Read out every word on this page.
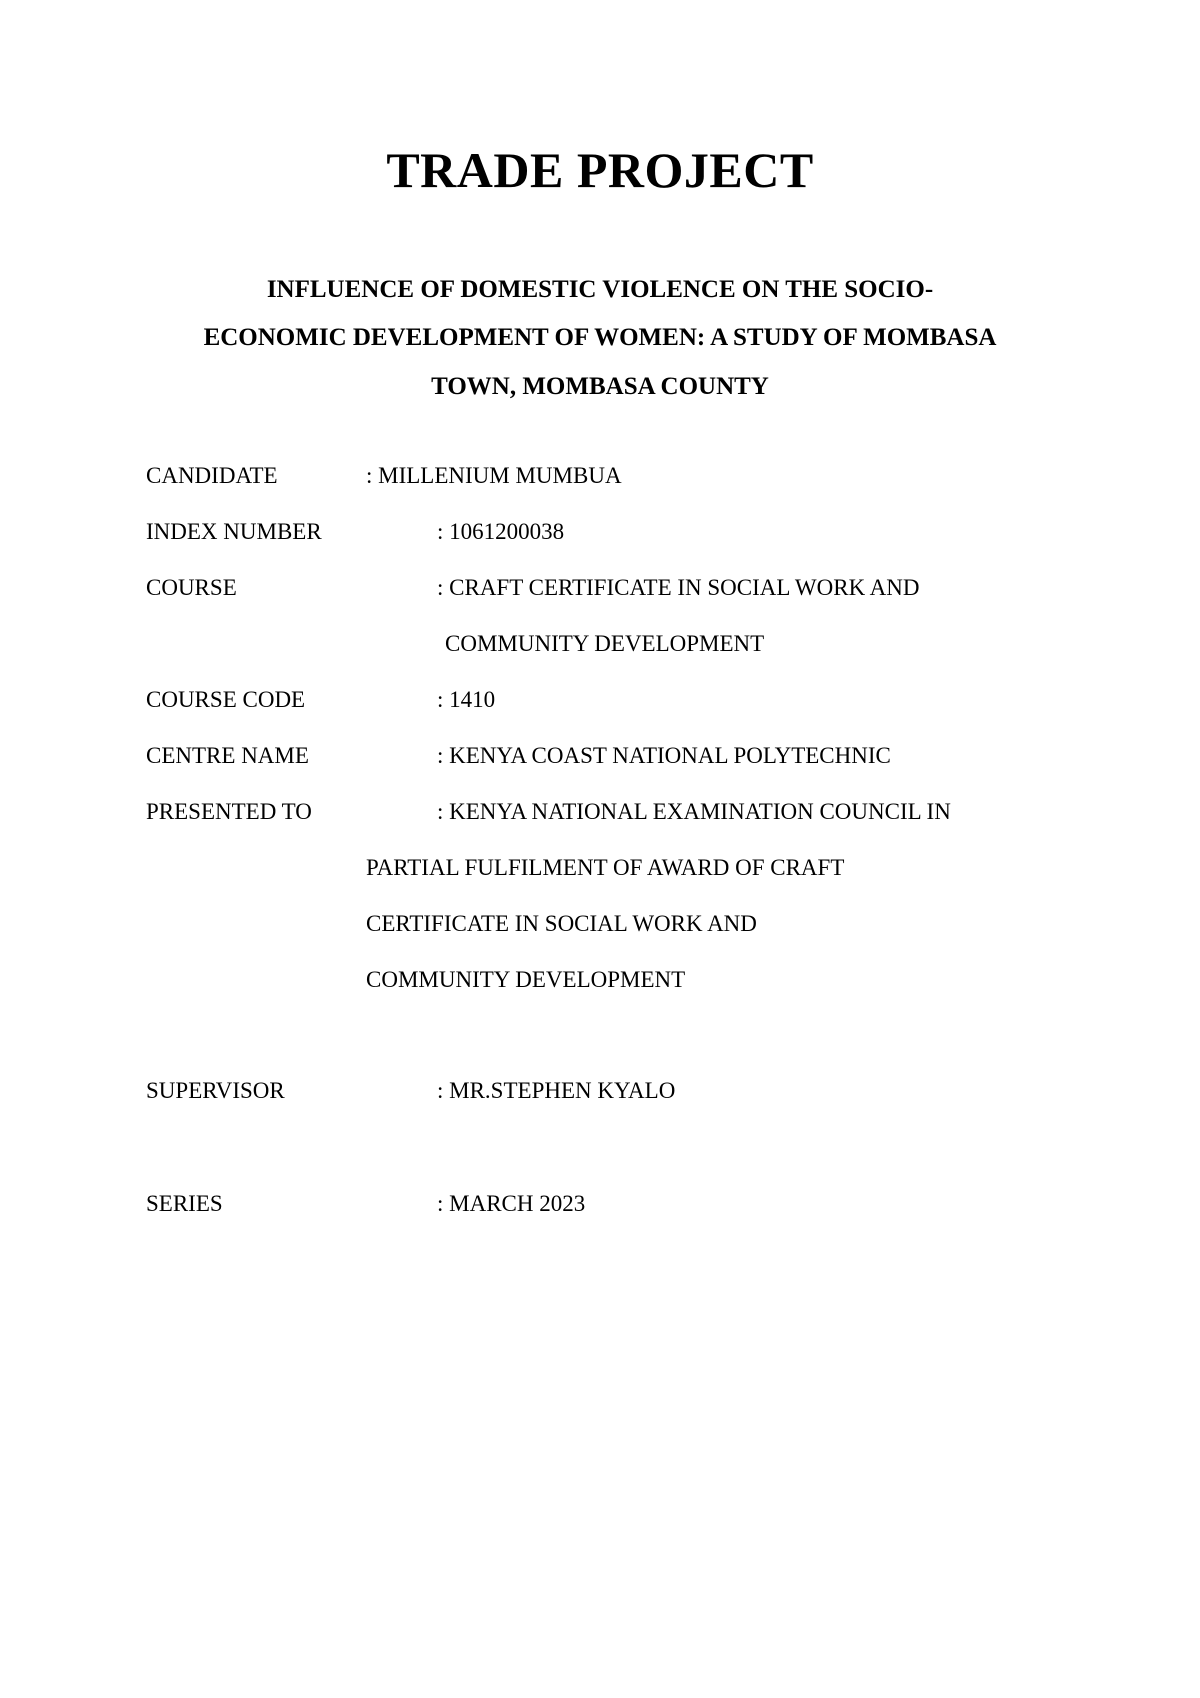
TRADE PROJECT
INFLUENCE OF DOMESTIC VIOLENCE ON THE SOCIO-
ECONOMIC DEVELOPMENT OF WOMEN: A STUDY OF MOMBASA
TOWN, MOMBASA COUNTY
CANDIDATE	: MILLENIUM MUMBUA
INDEX NUMBER	: 1061200038
COURSE	: CRAFT CERTIFICATE IN SOCIAL WORK AND
COMMUNITY DEVELOPMENT
COURSE CODE	: 1410
CENTRE NAME	: KENYA COAST NATIONAL POLYTECHNIC
PRESENTED TO	: KENYA NATIONAL EXAMINATION COUNCIL IN
PARTIAL FULFILMENT OF AWARD OF CRAFT
CERTIFICATE IN SOCIAL WORK AND
COMMUNITY DEVELOPMENT
SUPERVISOR	: MR.STEPHEN KYALO
SERIES	: MARCH 2023
